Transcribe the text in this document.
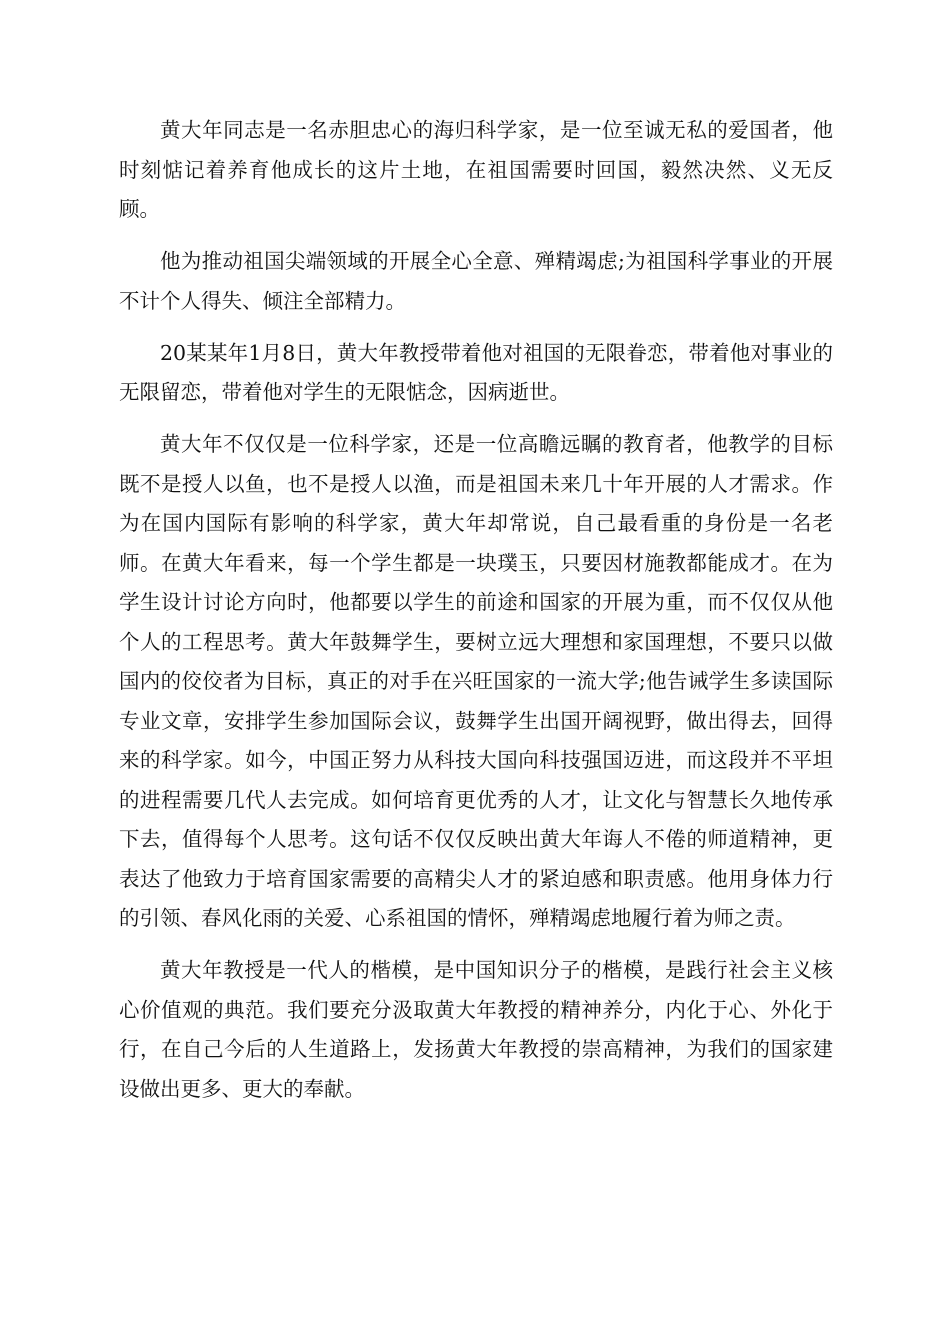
黄大年同志是一名赤胆忠心的海归科学家，是一位至诚无私的爱国者，他时刻惦记着养育他成长的这片土地，在祖国需要时回国，毅然决然、义无反顾。

他为推动祖国尖端领域的开展全心全意、殚精竭虑;为祖国科学事业的开展不计个人得失、倾注全部精力。

20某某年1月8日，黄大年教授带着他对祖国的无限眷恋，带着他对事业的无限留恋，带着他对学生的无限惦念，因病逝世。

黄大年不仅仅是一位科学家，还是一位高瞻远瞩的教育者，他教学的目标既不是授人以鱼，也不是授人以渔，而是祖国未来几十年开展的人才需求。作为在国内国际有影响的科学家，黄大年却常说，自己最看重的身份是一名老师。在黄大年看来，每一个学生都是一块璞玉，只要因材施教都能成才。在为学生设计讨论方向时，他都要以学生的前途和国家的开展为重，而不仅仅从他个人的工程思考。黄大年鼓舞学生，要树立远大理想和家国理想，不要只以做国内的佼佼者为目标，真正的对手在兴旺国家的一流大学;他告诫学生多读国际专业文章，安排学生参加国际会议，鼓舞学生出国开阔视野，做出得去，回得来的科学家。如今，中国正努力从科技大国向科技强国迈进，而这段并不平坦的进程需要几代人去完成。如何培育更优秀的人才，让文化与智慧长久地传承下去，值得每个人思考。这句话不仅仅反映出黄大年诲人不倦的师道精神，更表达了他致力于培育国家需要的高精尖人才的紧迫感和职责感。他用身体力行的引领、春风化雨的关爱、心系祖国的情怀，殚精竭虑地履行着为师之责。

黄大年教授是一代人的楷模，是中国知识分子的楷模，是践行社会主义核心价值观的典范。我们要充分汲取黄大年教授的精神养分，内化于心、外化于行，在自己今后的人生道路上，发扬黄大年教授的崇高精神，为我们的国家建设做出更多、更大的奉献。
